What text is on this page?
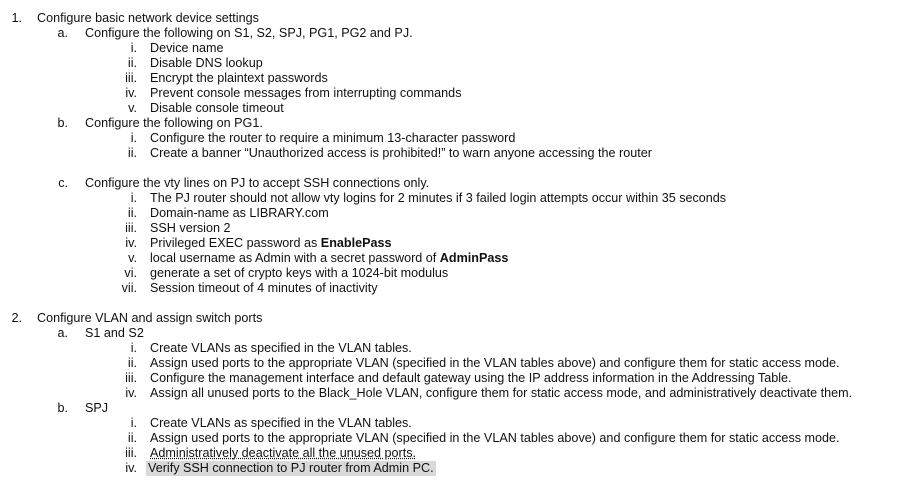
1. Configure basic network device settings
a. Configure the following on S1, S2, SPJ, PG1, PG2 and PJ.
i. Device name
ii. Disable DNS lookup
iii. Encrypt the plaintext passwords
iv. Prevent console messages from interrupting commands
v. Disable console timeout
b. Configure the following on PG1.
i. Configure the router to require a minimum 13-character password
ii. Create a banner “Unauthorized access is prohibited!” to warn anyone accessing the router
c. Configure the vty lines on PJ to accept SSH connections only.
i. The PJ router should not allow vty logins for 2 minutes if 3 failed login attempts occur within 35 seconds
ii. Domain-name as LIBRARY.com
iii. SSH version 2
iv. Privileged EXEC password as EnablePass
v. local username as Admin with a secret password of AdminPass
vi. generate a set of crypto keys with a 1024-bit modulus
vii. Session timeout of 4 minutes of inactivity
2. Configure VLAN and assign switch ports
a. S1 and S2
i. Create VLANs as specified in the VLAN tables.
ii. Assign used ports to the appropriate VLAN (specified in the VLAN tables above) and configure them for static access mode.
iii. Configure the management interface and default gateway using the IP address information in the Addressing Table.
iv. Assign all unused ports to the Black_Hole VLAN, configure them for static access mode, and administratively deactivate them.
b. SPJ
i. Create VLANs as specified in the VLAN tables.
ii. Assign used ports to the appropriate VLAN (specified in the VLAN tables above) and configure them for static access mode.
iii. Administratively deactivate all the unused ports.
iv. Verify SSH connection to PJ router from Admin PC.
